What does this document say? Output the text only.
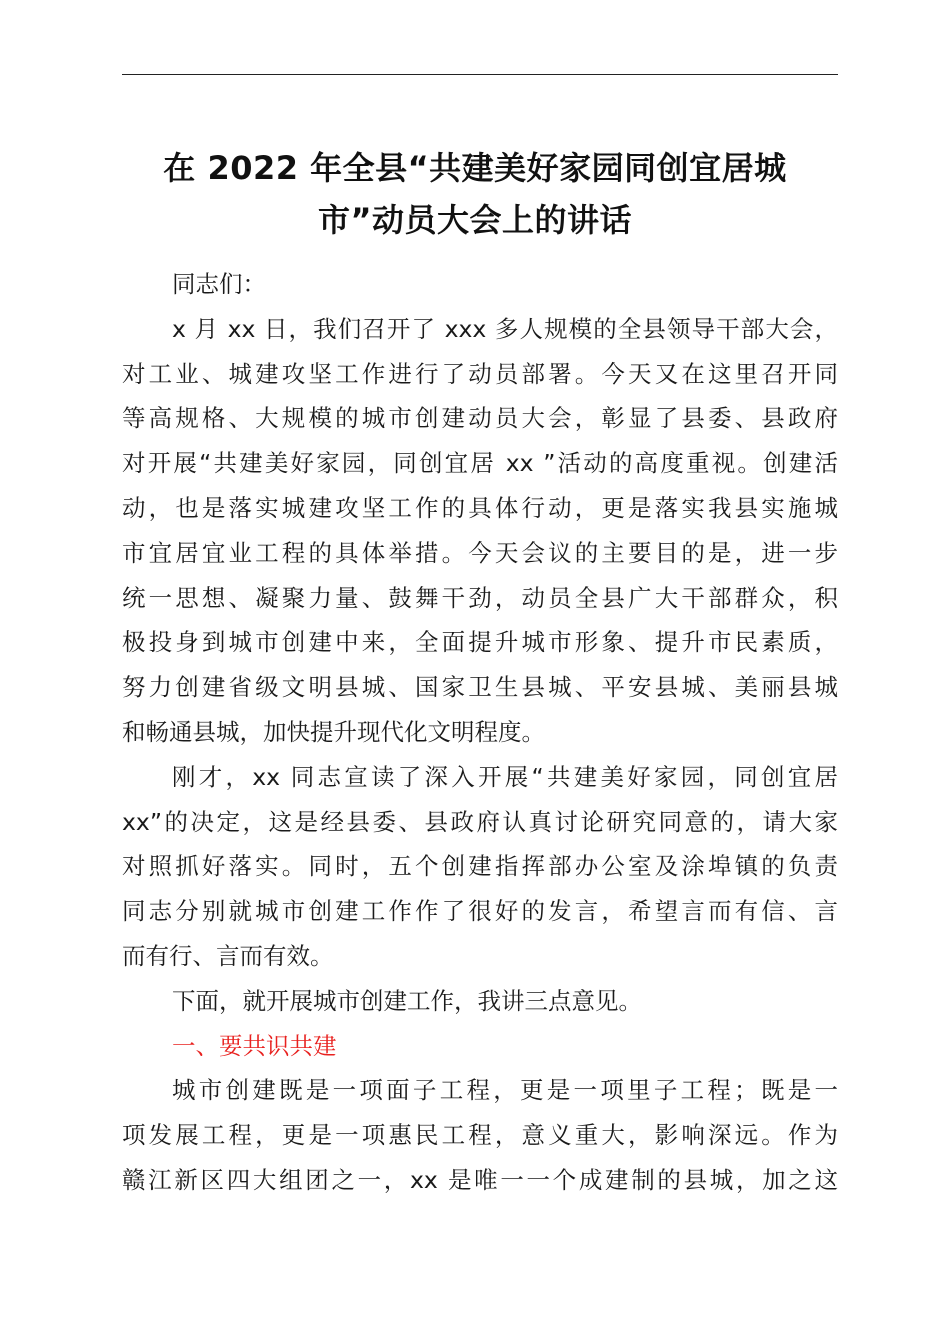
在 2022 年全县“共建美好家园同创宜居城
市”动员大会上的讲话

同志们：

x 月 xx 日，我们召开了 xxx 多人规模的全县领导干部大会，
对工业、城建攻坚工作进行了动员部署。今天又在这里召开同
等高规格、大规模的城市创建动员大会，彰显了县委、县政府
对开展“共建美好家园，同创宜居 xx ”活动的高度重视。创建活
动，也是落实城建攻坚工作的具体行动，更是落实我县实施城
市宜居宜业工程的具体举措。今天会议的主要目的是，进一步
统一思想、凝聚力量、鼓舞干劲，动员全县广大干部群众，积
极投身到城市创建中来，全面提升城市形象、提升市民素质，
努力创建省级文明县城、国家卫生县城、平安县城、美丽县城
和畅通县城，加快提升现代化文明程度。

刚才，xx 同志宣读了深入开展“共建美好家园，同创宜居
xx”的决定，这是经县委、县政府认真讨论研究同意的，请大家
对照抓好落实。同时，五个创建指挥部办公室及涂埠镇的负责
同志分别就城市创建工作作了很好的发言，希望言而有信、言
而有行、言而有效。

下面，就开展城市创建工作，我讲三点意见。

一、要共识共建

城市创建既是一项面子工程，更是一项里子工程；既是一
项发展工程，更是一项惠民工程，意义重大，影响深远。作为
赣江新区四大组团之一，xx 是唯一一个成建制的县城，加之这
